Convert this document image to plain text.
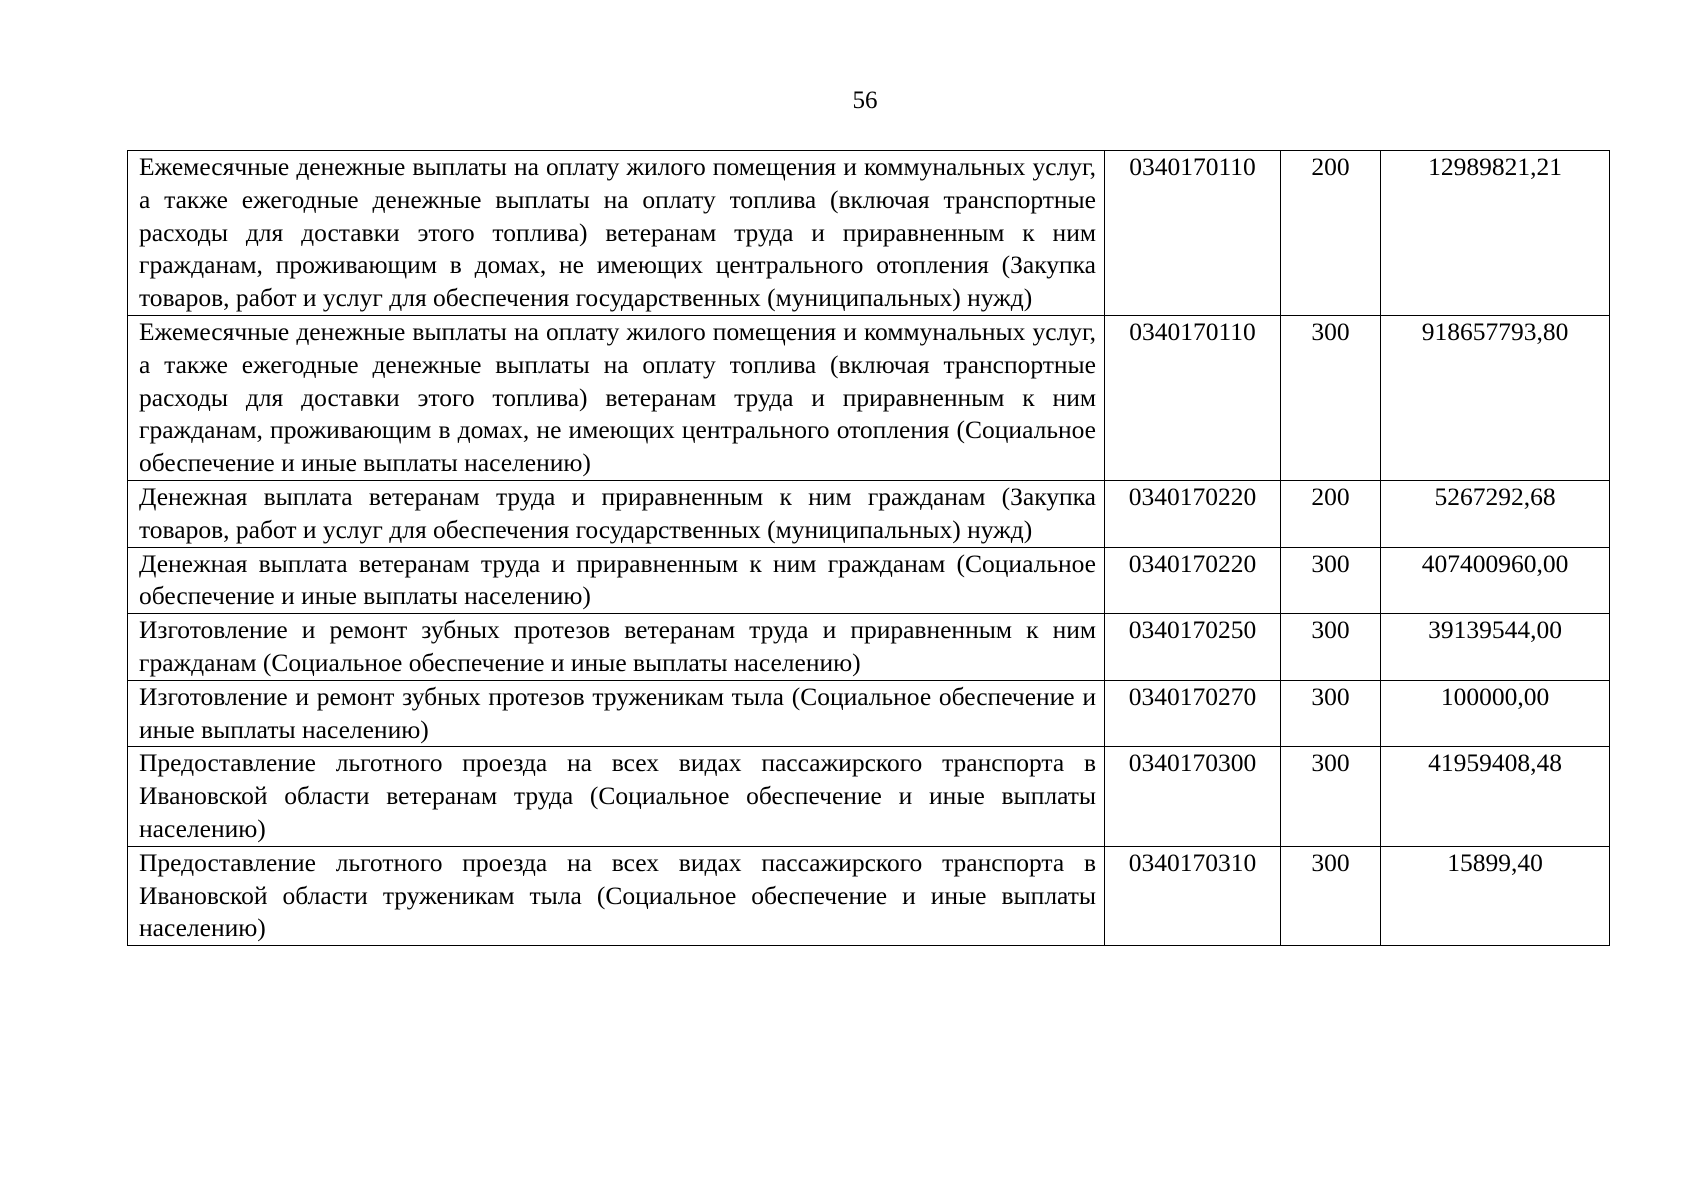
56
Ежемесячные денежные выплаты на оплату жилого помещения и коммунальных услуг, а также ежегодные денежные выплаты на оплату топлива (включая транспортные расходы для доставки этого топлива) ветеранам труда и приравненным к ним гражданам, проживающим в домах, не имеющих центрального отопления (Закупка товаров, работ и услуг для обеспечения государственных (муниципальных) нужд)	0340170110	200	12989821,21
Ежемесячные денежные выплаты на оплату жилого помещения и коммунальных услуг, а также ежегодные денежные выплаты на оплату топлива (включая транспортные расходы для доставки этого топлива) ветеранам труда и приравненным к ним гражданам, проживающим в домах, не имеющих центрального отопления (Социальное обеспечение и иные выплаты населению)	0340170110	300	918657793,80
Денежная выплата ветеранам труда и приравненным к ним гражданам (Закупка товаров, работ и услуг для обеспечения государственных (муниципальных) нужд)	0340170220	200	5267292,68
Денежная выплата ветеранам труда и приравненным к ним гражданам (Социальное обеспечение и иные выплаты населению)	0340170220	300	407400960,00
Изготовление и ремонт зубных протезов ветеранам труда и приравненным к ним гражданам (Социальное обеспечение и иные выплаты населению)	0340170250	300	39139544,00
Изготовление и ремонт зубных протезов труженикам тыла (Социальное обеспечение и иные выплаты населению)	0340170270	300	100000,00
Предоставление льготного проезда на всех видах пассажирского транспорта в Ивановской области ветеранам труда (Социальное обеспечение и иные выплаты населению)	0340170300	300	41959408,48
Предоставление льготного проезда на всех видах пассажирского транспорта в Ивановской области труженикам тыла (Социальное обеспечение и иные выплаты населению)	0340170310	300	15899,40
